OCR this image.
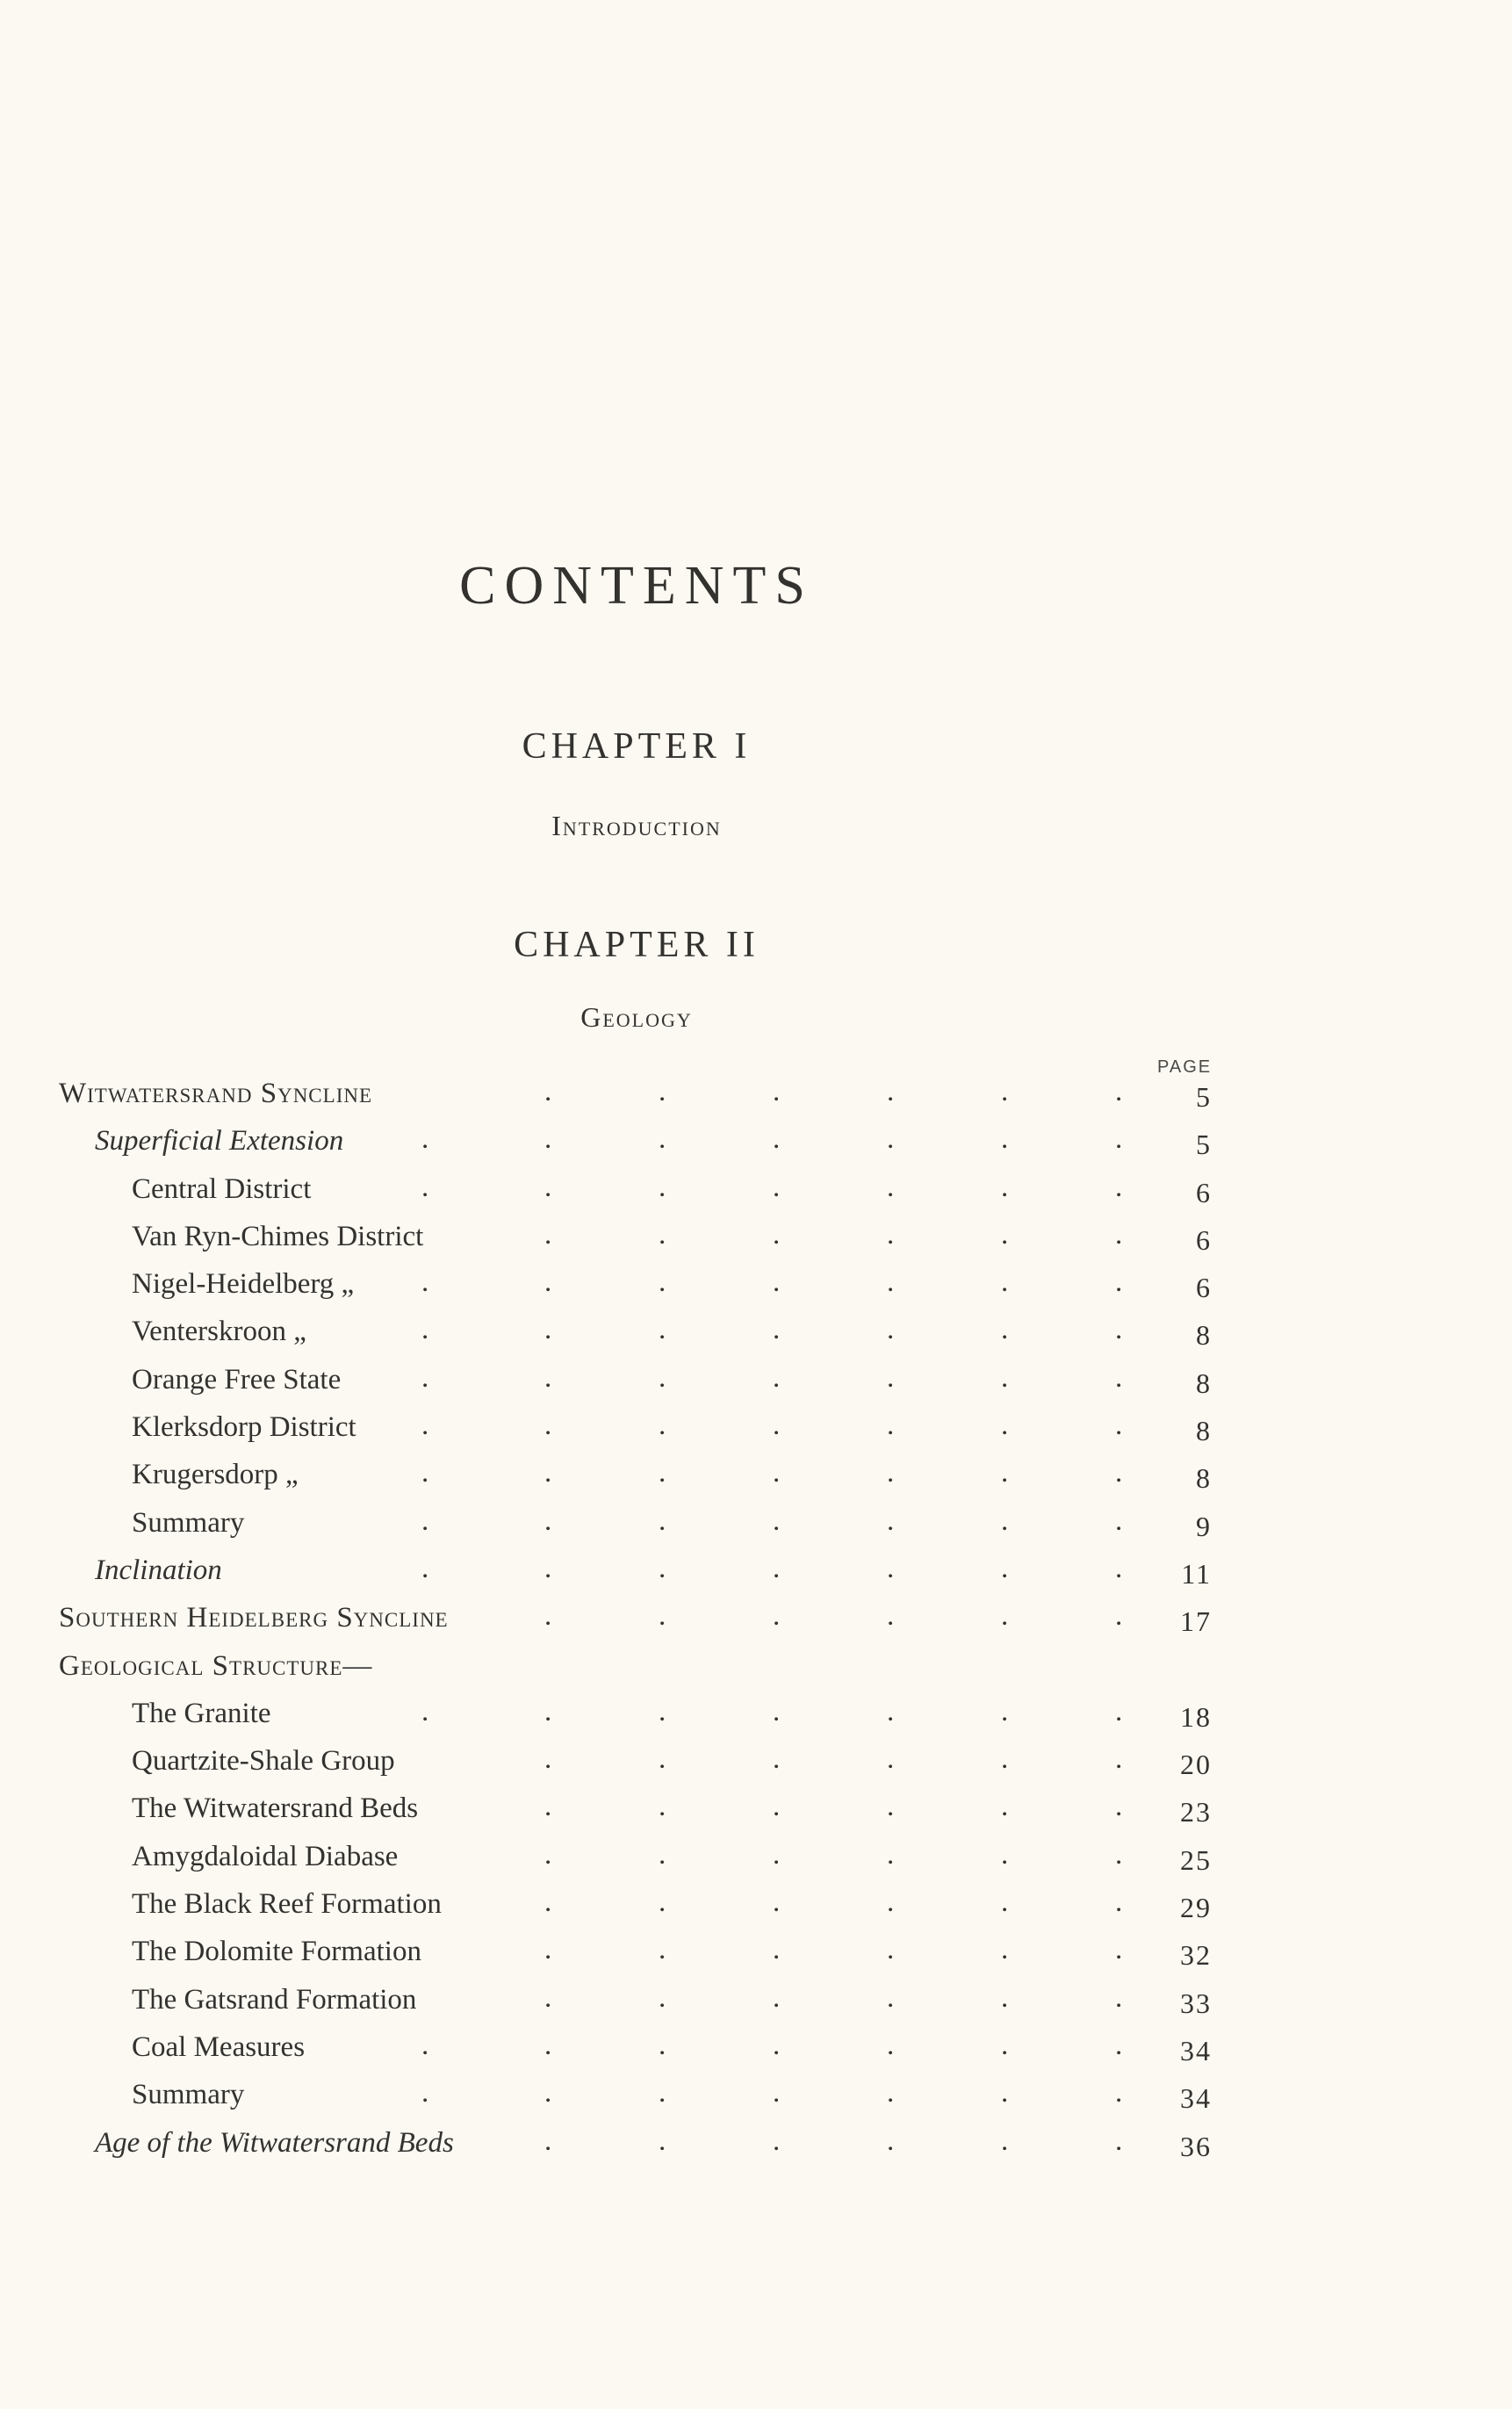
CONTENTS
CHAPTER I
Introduction
CHAPTER II
Geology
PAGE
Witwatersrand Syncline	.	.	.	.	.	.	5
Superficial Extension	.	.	.	.	.	.	.	5
Central District	.	.	.	.	.	.	.	6
Van Ryn-Chimes District	.	.	.	.	.	.	6
Nigel-Heidelberg „ .	.	.	.	.	.	.	6
Venterskroon „	.	.	.	.	.	.	.	8
Orange Free State	.	.	.	.	.	.	.	8
Klerksdorp District .	.	.	.	.	.	.	8
Krugersdorp „	.	.	.	.	.	.	.	8
Summary	.	.	.	.	.	.	.	9
Inclination	.	.	.	.	.	.	. 11
Southern Heidelberg Syncline	.	.	.	.	.	. 17
Geological Structure—
The Granite	.	.	.	.	.	.	. 18
Quartzite-Shale Group	.	.	.	.	.	. 20
The Witwatersrand Beds	.	.	.	.	.	. 23
Amygdaloidal Diabase	.	.	.	.	.	. 25
The Black Reef Formation	.	.	.	.	.	. 29
The Dolomite Formation	.	.	.	.	.	. 32
The Gatsrand Formation	.	.	.	.	.	. 33
Coal Measures	.	.	.	.	.	.	. 34
Summary	.	.	.	.	.	.	. 34
Age of the Witwatersrand Beds	.	.	.	.	.	. 36
